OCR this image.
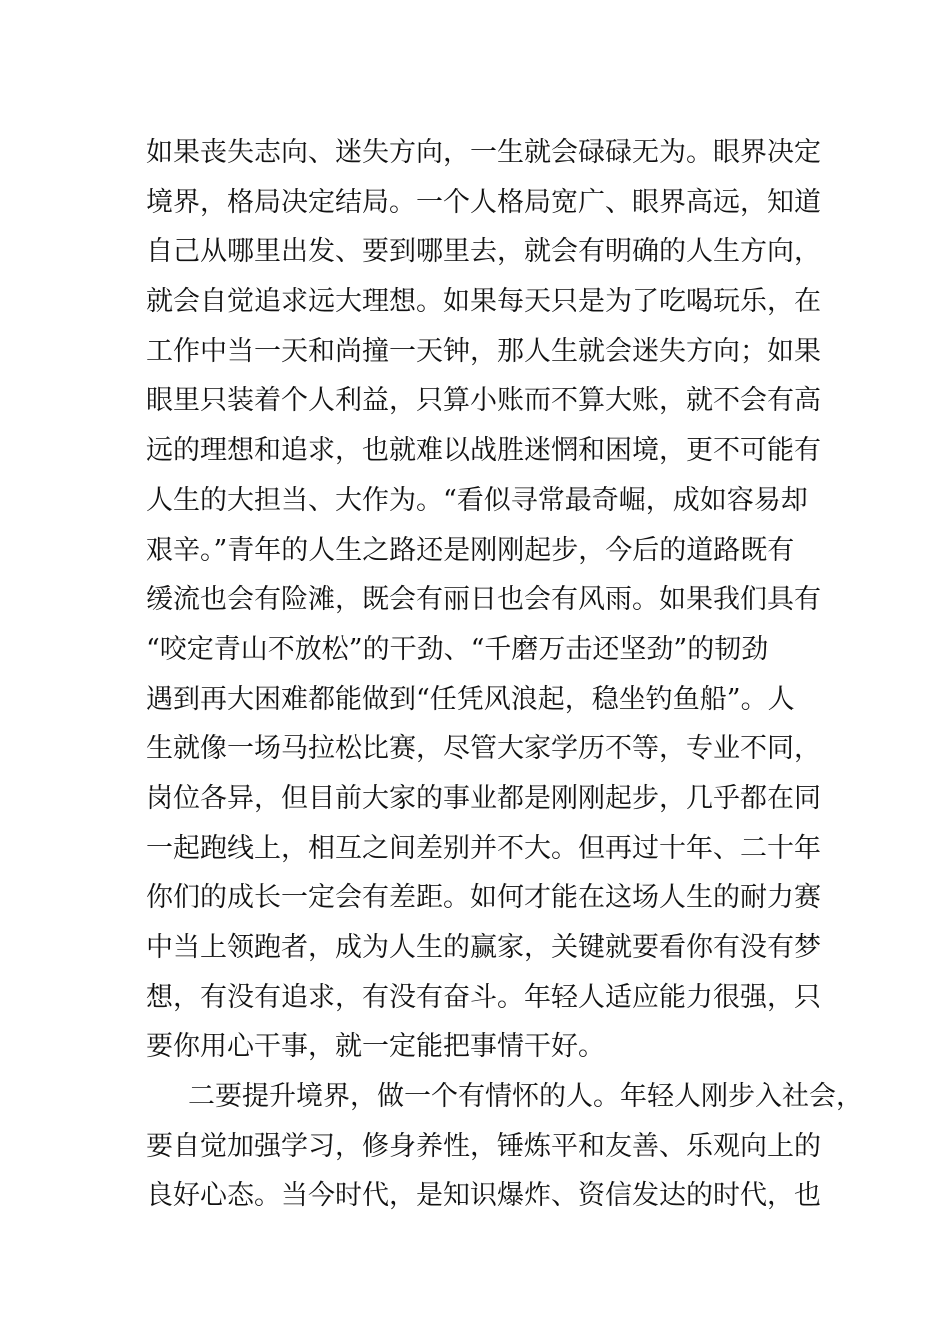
如果丧失志向、迷失方向，一生就会碌碌无为。眼界决定
境界，格局决定结局。一个人格局宽广、眼界高远，知道
自己从哪里出发、要到哪里去，就会有明确的人生方向，
就会自觉追求远大理想。如果每天只是为了吃喝玩乐，在
工作中当一天和尚撞一天钟，那人生就会迷失方向；如果
眼里只装着个人利益，只算小账而不算大账，就不会有高
远的理想和追求，也就难以战胜迷惘和困境，更不可能有
人生的大担当、大作为。“看似寻常最奇崛，成如容易却
艰辛。”青年的人生之路还是刚刚起步，今后的道路既有
缓流也会有险滩，既会有丽日也会有风雨。如果我们具有
“咬定青山不放松”的干劲、“千磨万击还坚劲”的韧劲
遇到再大困难都能做到“任凭风浪起，稳坐钓鱼船”。人
生就像一场马拉松比赛，尽管大家学历不等，专业不同，
岗位各异，但目前大家的事业都是刚刚起步，几乎都在同
一起跑线上，相互之间差别并不大。但再过十年、二十年
你们的成长一定会有差距。如何才能在这场人生的耐力赛
中当上领跑者，成为人生的赢家，关键就要看你有没有梦
想，有没有追求，有没有奋斗。年轻人适应能力很强，只
要你用心干事，就一定能把事情干好。
二要提升境界，做一个有情怀的人。年轻人刚步入社会，
要自觉加强学习，修身养性，锤炼平和友善、乐观向上的
良好心态。当今时代，是知识爆炸、资信发达的时代，也
